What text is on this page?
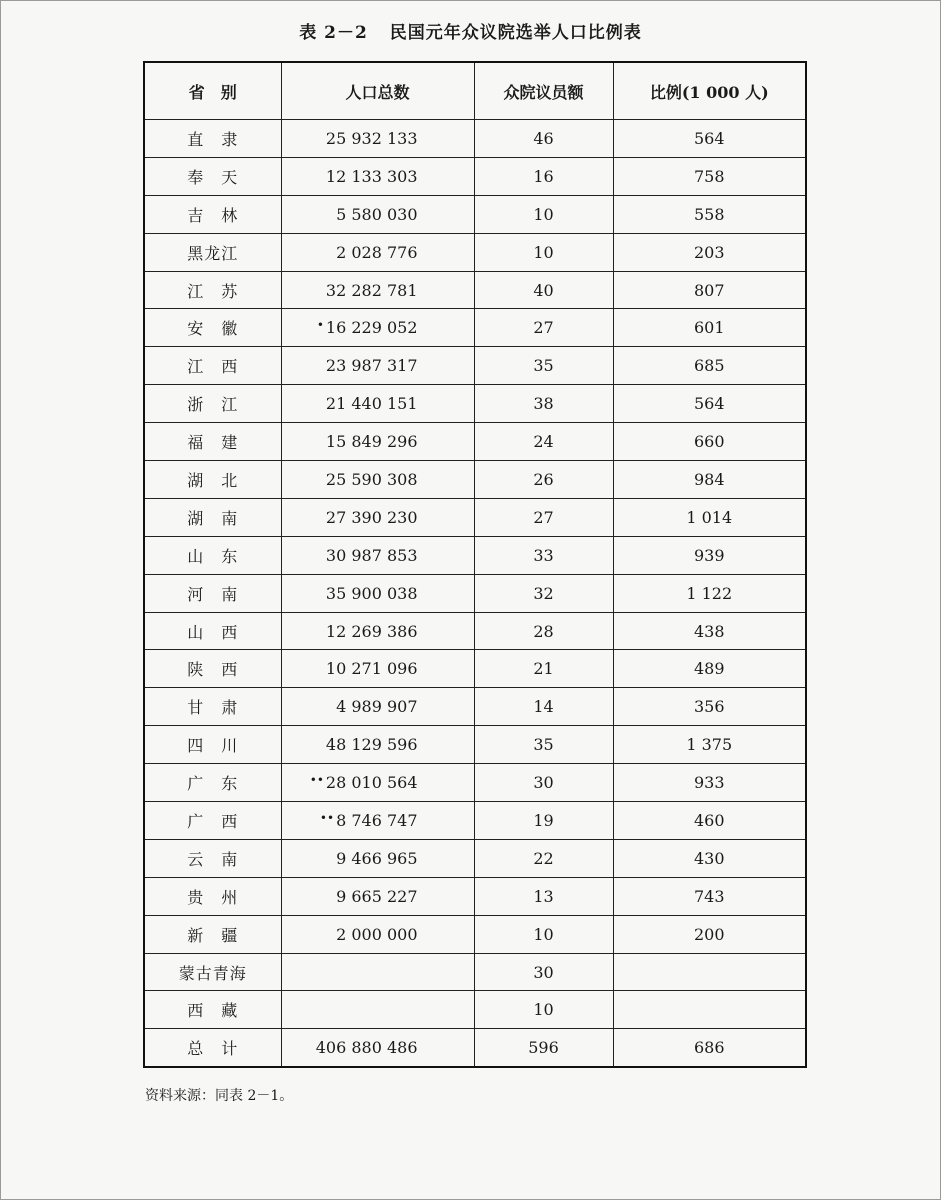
表 2－2 民国元年众议院选举人口比例表
省　别	人口总数	众院议员额	比例(1 000 人)
直　隶	25 932 133	46	564
奉　天	12 133 303	16	758
吉　林	5 580 030	10	558
黑龙江	2 028 776	10	203
江　苏	32 282 781	40	807
安　徽	• 16 229 052	27	601
江　西	23 987 317	35	685
浙　江	21 440 151	38	564
福　建	15 849 296	24	660
湖　北	25 590 308	26	984
湖　南	27 390 230	27	1 014
山　东	30 987 853	33	939
河　南	35 900 038	32	1 122
山　西	12 269 386	28	438
陕　西	10 271 096	21	489
甘　肃	4 989 907	14	356
四　川	48 129 596	35	1 375
广　东	•• 28 010 564	30	933
广　西	•• 8 746 747	19	460
云　南	9 466 965	22	430
贵　州	9 665 227	13	743
新　疆	2 000 000	10	200
蒙古青海		30	
西　藏		10	
总　计	406 880 486	596	686
资料来源：同表 2－1。
